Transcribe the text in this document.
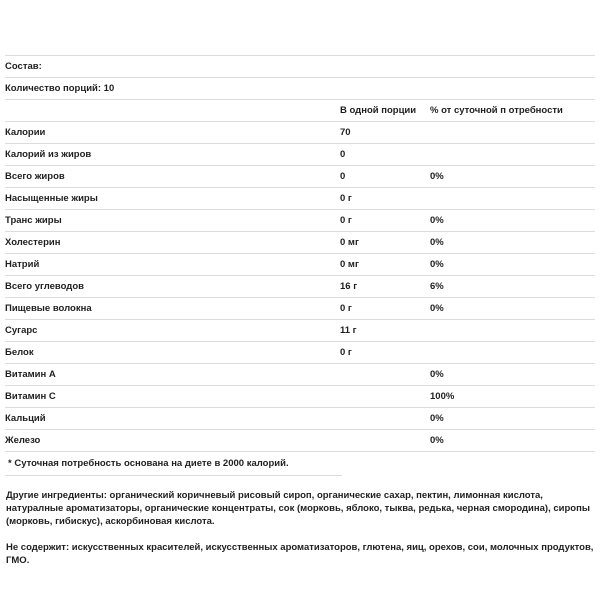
Состав:		
Количество порций: 10		
	В одной порции	% от суточной п отребности
Калории	70	
Калорий из жиров	0	
Всего жиров	0	0%
Насыщенные жиры	0 г	
Транс жиры	0 г	0%
Холестерин	0 мг	0%
Натрий	0 мг	0%
Всего углеводов	16 г	6%
Пищевые волокна	0 г	0%
Сугарс	11 г	
Белок	0 г	
Витамин A		0%
Витамин C		100%
Кальций		0%
Железо		0%
* Суточная потребность основана на диете в 2000 калорий.
Другие ингредиенты: органический коричневый рисовый сироп, органические сахар, пектин, лимонная кислота, натуралные ароматизаторы, органические концентраты, сок (морковь, яблоко, тыква, редька, черная смородина), сиропы (морковь, гибискус), аскорбиновая кислота.
Не содержит: искусственных красителей, искусственных ароматизаторов, глютена, яиц, орехов, сои, молочных продуктов, ГМО.
